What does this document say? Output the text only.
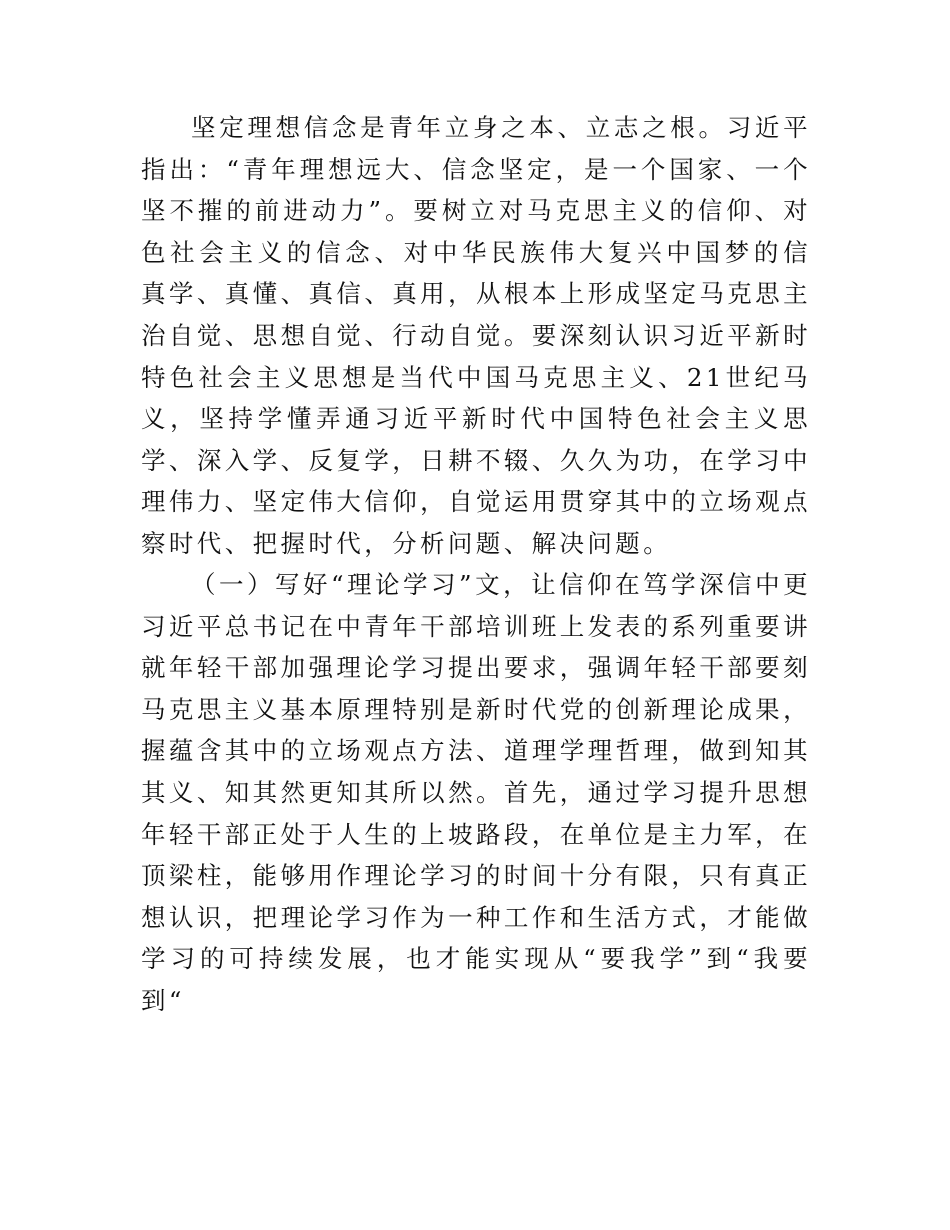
坚定理想信念是青年立身之本、立志之根。习近平
指出：“青年理想远大、信念坚定，是一个国家、一个
坚不摧的前进动力”。要树立对马克思主义的信仰、对
色社会主义的信念、对中华民族伟大复兴中国梦的信
真学、真懂、真信、真用，从根本上形成坚定马克思主
治自觉、思想自觉、行动自觉。要深刻认识习近平新时
特色社会主义思想是当代中国马克思主义、21世纪马
义，坚持学懂弄通习近平新时代中国特色社会主义思
学、深入学、反复学，日耕不辍、久久为功，在学习中
理伟力、坚定伟大信仰，自觉运用贯穿其中的立场观点
察时代、把握时代，分析问题、解决问题。
（一）写好“理论学习”文，让信仰在笃学深信中更
习近平总书记在中青年干部培训班上发表的系列重要讲
就年轻干部加强理论学习提出要求，强调年轻干部要刻
马克思主义基本原理特别是新时代党的创新理论成果，
握蕴含其中的立场观点方法、道理学理哲理，做到知其
其义、知其然更知其所以然。首先，通过学习提升思想
年轻干部正处于人生的上坡路段，在单位是主力军，在
顶梁柱，能够用作理论学习的时间十分有限，只有真正
想认识，把理论学习作为一种工作和生活方式，才能做
学习的可持续发展，也才能实现从“要我学”到“我要
到“
